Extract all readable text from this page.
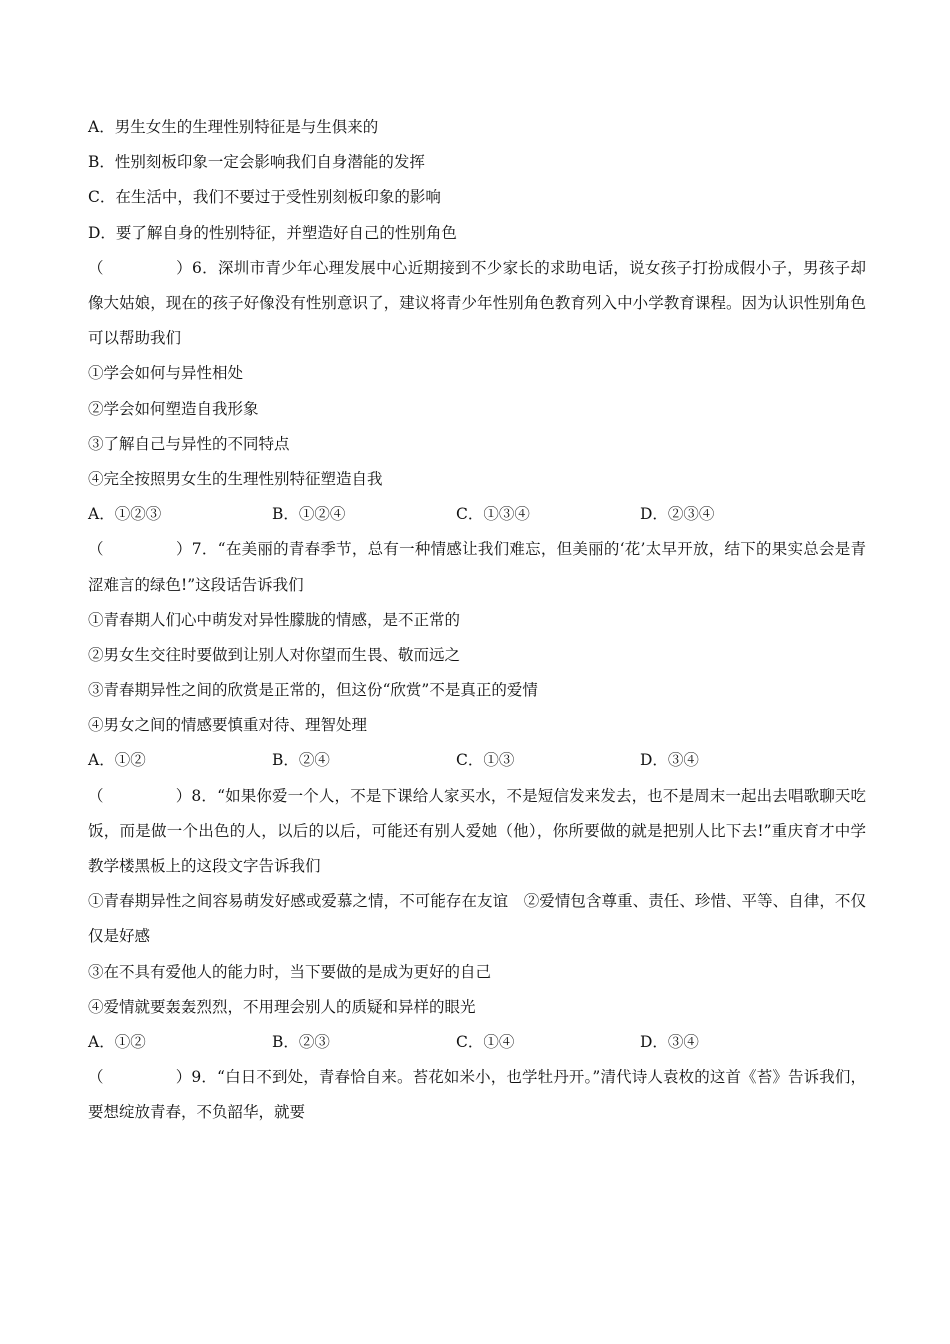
A．男生女生的生理性别特征是与生俱来的
B．性别刻板印象一定会影响我们自身潜能的发挥
C．在生活中，我们不要过于受性别刻板印象的影响
D．要了解自身的性别特征，并塑造好自己的性别角色
（	）6．深圳市青少年心理发展中心近期接到不少家长的求助电话，说女孩子打扮成假小子，男孩子却像大姑娘，现在的孩子好像没有性别意识了，建议将青少年性别角色教育列入中小学教育课程。因为认识性别角色可以帮助我们
①学会如何与异性相处
②学会如何塑造自我形象
③了解自己与异性的不同特点
④完全按照男女生的生理性别特征塑造自我
A．①②③	B．①②④	C．①③④	D．②③④
（	）7．“在美丽的青春季节，总有一种情感让我们难忘，但美丽的‘花’太早开放，结下的果实总会是青涩难言的绿色!”这段话告诉我们
①青春期人们心中萌发对异性朦胧的情感，是不正常的
②男女生交往时要做到让别人对你望而生畏、敬而远之
③青春期异性之间的欣赏是正常的，但这份“欣赏”不是真正的爱情
④男女之间的情感要慎重对待、理智处理
A．①②	B．②④	C．①③	D．③④
（	）8．“如果你爱一个人，不是下课给人家买水，不是短信发来发去，也不是周末一起出去唱歌聊天吃饭，而是做一个出色的人，以后的以后，可能还有别人爱她（他），你所要做的就是把别人比下去!”重庆育才中学教学楼黑板上的这段文字告诉我们
①青春期异性之间容易萌发好感或爱慕之情，不可能存在友谊　②爱情包含尊重、责任、珍惜、平等、自律，不仅仅是好感
③在不具有爱他人的能力时，当下要做的是成为更好的自己
④爱情就要轰轰烈烈，不用理会别人的质疑和异样的眼光
A．①②	B．②③	C．①④	D．③④
（	）9．“白日不到处，青春恰自来。苔花如米小，也学牡丹开。”清代诗人袁枚的这首《苔》告诉我们，要想绽放青春，不负韶华，就要
